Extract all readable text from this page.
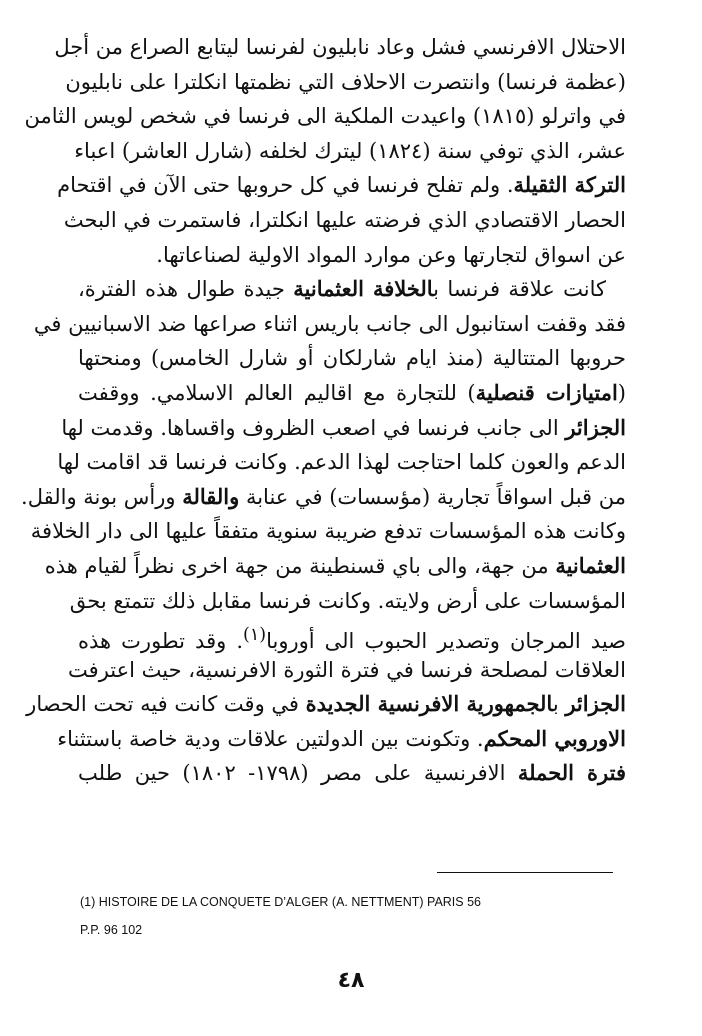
الاحتلال الافرنسي فشل وعاد نابليون لفرنسا ليتابع الصراع من أجل
(عظمة فرنسا) وانتصرت الاحلاف التي نظمتها انكلترا على نابليون
في واترلو (١٨١٥) واعيدت الملكية الى فرنسا في شخص لويس الثامن
عشر، الذي توفي سنة (١٨٢٤) ليترك لخلفه (شارل العاشر) اعباء
التركة الثقيلة. ولم تفلح فرنسا في كل حروبها حتى الآن في اقتحام
الحصار الاقتصادي الذي فرضته عليها انكلترا، فاستمرت في البحث
عن اسواق لتجارتها وعن موارد المواد الاولية لصناعاتها.
كانت علاقة فرنسا بالخلافة العثمانية جيدة طوال هذه الفترة،
فقد وقفت استانبول الى جانب باريس اثناء صراعها ضد الاسبانيين في
حروبها المتتالية (منذ ايام شارلكان أو شارل الخامس) ومنحتها
(امتيازات قنصلية) للتجارة مع اقاليم العالم الاسلامي. ووقفت
الجزائر الى جانب فرنسا في اصعب الظروف واقساها. وقدمت لها
الدعم والعون كلما احتاجت لهذا الدعم. وكانت فرنسا قد اقامت لها
من قبل اسواقاً تجارية (مؤسسات) في عنابة والقالة ورأس بونة والقل.
وكانت هذه المؤسسات تدفع ضريبة سنوية متفقاً عليها الى دار الخلافة
العثمانية من جهة، والى باي قسنطينة من جهة اخرى نظراً لقيام هذه
المؤسسات على أرض ولايته. وكانت فرنسا مقابل ذلك تتمتع بحق
صيد المرجان وتصدير الحبوب الى أوروبا$^{(١)}$. وقد تطورت هذه
العلاقات لمصلحة فرنسا في فترة الثورة الافرنسية، حيث اعترفت
الجزائر بالجمهورية الافرنسية الجديدة في وقت كانت فيه تحت الحصار
الاوروبي المحكم. وتكونت بين الدولتين علاقات ودية خاصة باستثناء
فترة الحملة الافرنسية على مصر (١٧٩٨- ١٨٠٢) حين طلب
(1) HISTOIRE DE LA CONQUETE D’ALGER (A. NETTMENT) PARIS 56
P.P. 96 102
٤٨
